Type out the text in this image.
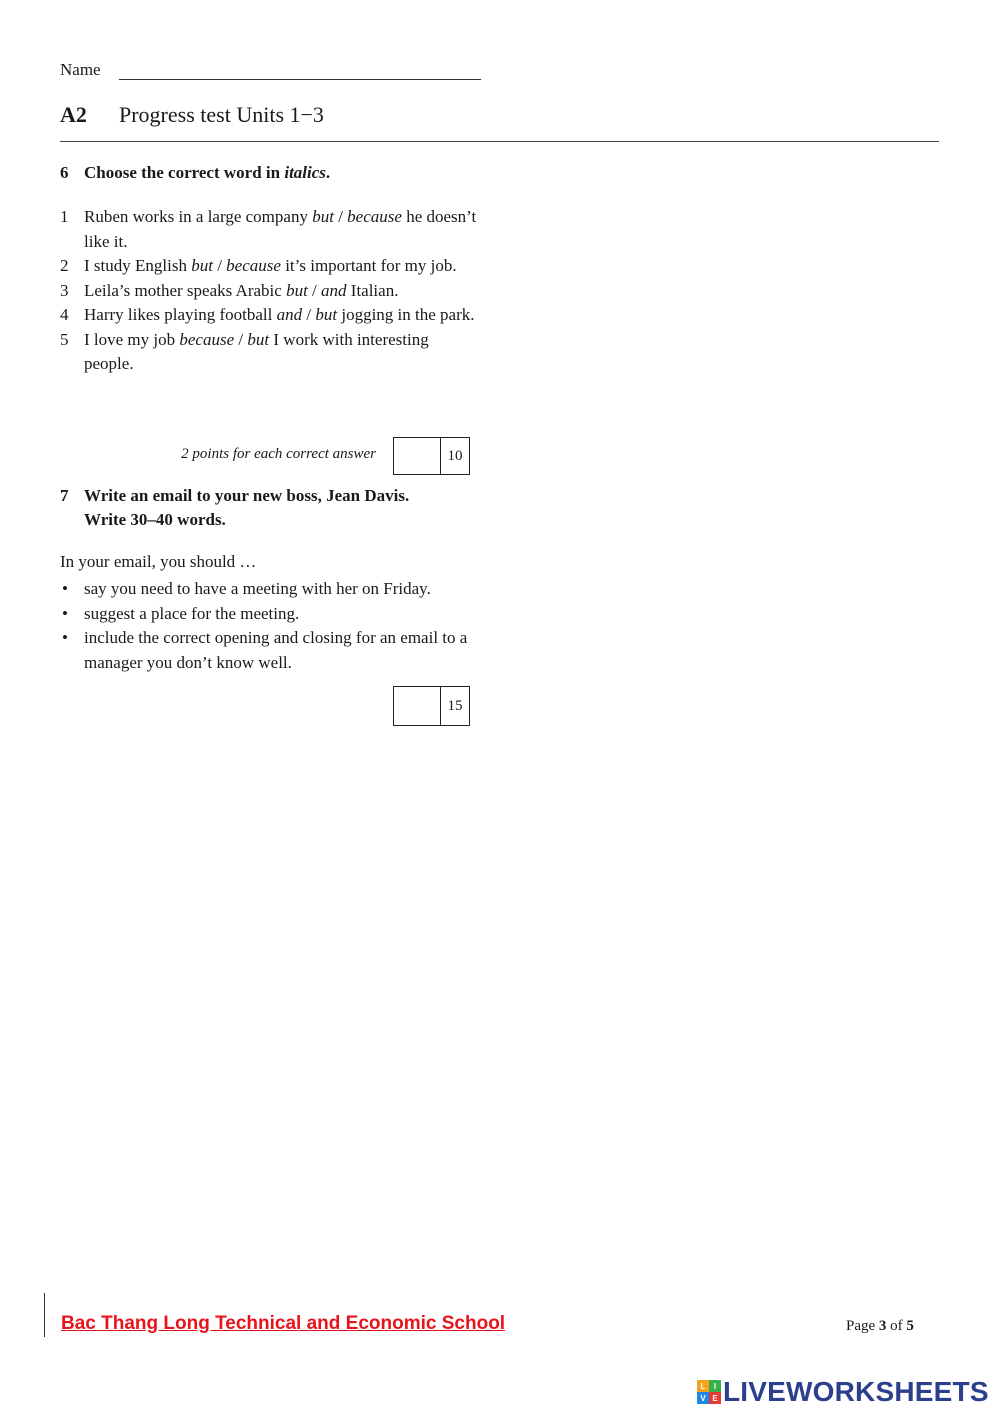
Name
A2 Progress test Units 1−3
6 Choose the correct word in italics.
1 Ruben works in a large company but / because he doesn’t like it.
2 I study English but / because it’s important for my job.
3 Leila’s mother speaks Arabic but / and Italian.
4 Harry likes playing football and / but jogging in the park.
5 I love my job because / but I work with interesting people.
2 points for each correct answer	10
7 Write an email to your new boss, Jean Davis.
Write 30–40 words.
In your email, you should …
• say you need to have a meeting with her on Friday.
• suggest a place for the meeting.
• include the correct opening and closing for an email to a manager you don’t know well.
15
Bac Thang Long Technical and Economic School	Page 3 of 5
L	I
V E LIVEWORKSHEETS
